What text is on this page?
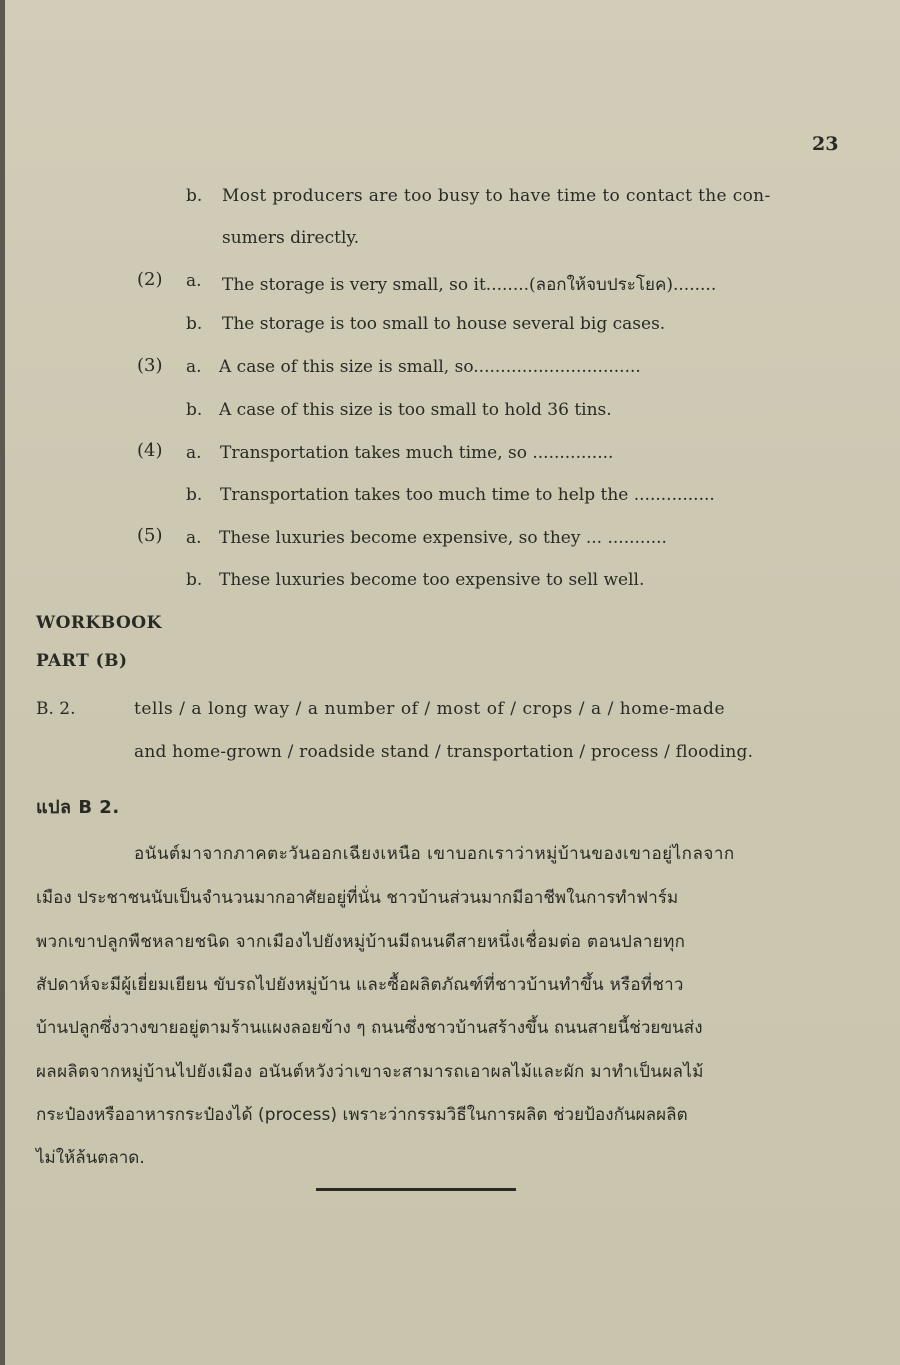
23
b. Most producers are too busy to have time to contact the con-
sumers directly.
(2) a. The storage is very small, so it........(ลอกให้จบประโยค)........
b. The storage is too small to house several big cases.
(3) a. A case of this size is small, so...............................
b. A case of this size is too small to hold 36 tins.
(4) a. Transportation takes much time, so ...............
b. Transportation takes too much time to help the ...............
(5) a. These luxuries become expensive, so they ... ...........
b. These luxuries become too expensive to sell well.
WORKBOOK
PART (B)
B. 2.	tells / a long way / a number of / most of / crops / a / home-made
and home-grown / roadside stand / transportation / process / flooding.
แปล B 2.
อนันต์มาจากภาคตะวันออกเฉียงเหนือ เขาบอกเราว่าหมู่บ้านของเขาอยู่ไกลจาก
เมือง ประชาชนนับเป็นจำนวนมากอาศัยอยู่ที่นั่น ชาวบ้านส่วนมากมีอาชีพในการทำฟาร์ม
พวกเขาปลูกพืชหลายชนิด จากเมืองไปยังหมู่บ้านมีถนนดีสายหนึ่งเชื่อมต่อ ตอนปลายทุก
สัปดาห์จะมีผู้เยี่ยมเยียน ขับรถไปยังหมู่บ้าน และซื้อผลิตภัณฑ์ที่ชาวบ้านทำขึ้น หรือที่ชาว
บ้านปลูกซึ่งวางขายอยู่ตามร้านแผงลอยข้าง ๆ ถนนซึ่งชาวบ้านสร้างขึ้น ถนนสายนี้ช่วยขนส่ง
ผลผลิตจากหมู่บ้านไปยังเมือง อนันต์หวังว่าเขาจะสามารถเอาผลไม้และผัก มาทำเป็นผลไม้
กระป๋องหรืออาหารกระป๋องได้ (process) เพราะว่ากรรมวิธีในการผลิต ช่วยป้องกันผลผลิต
ไม่ให้ล้นตลาด.
